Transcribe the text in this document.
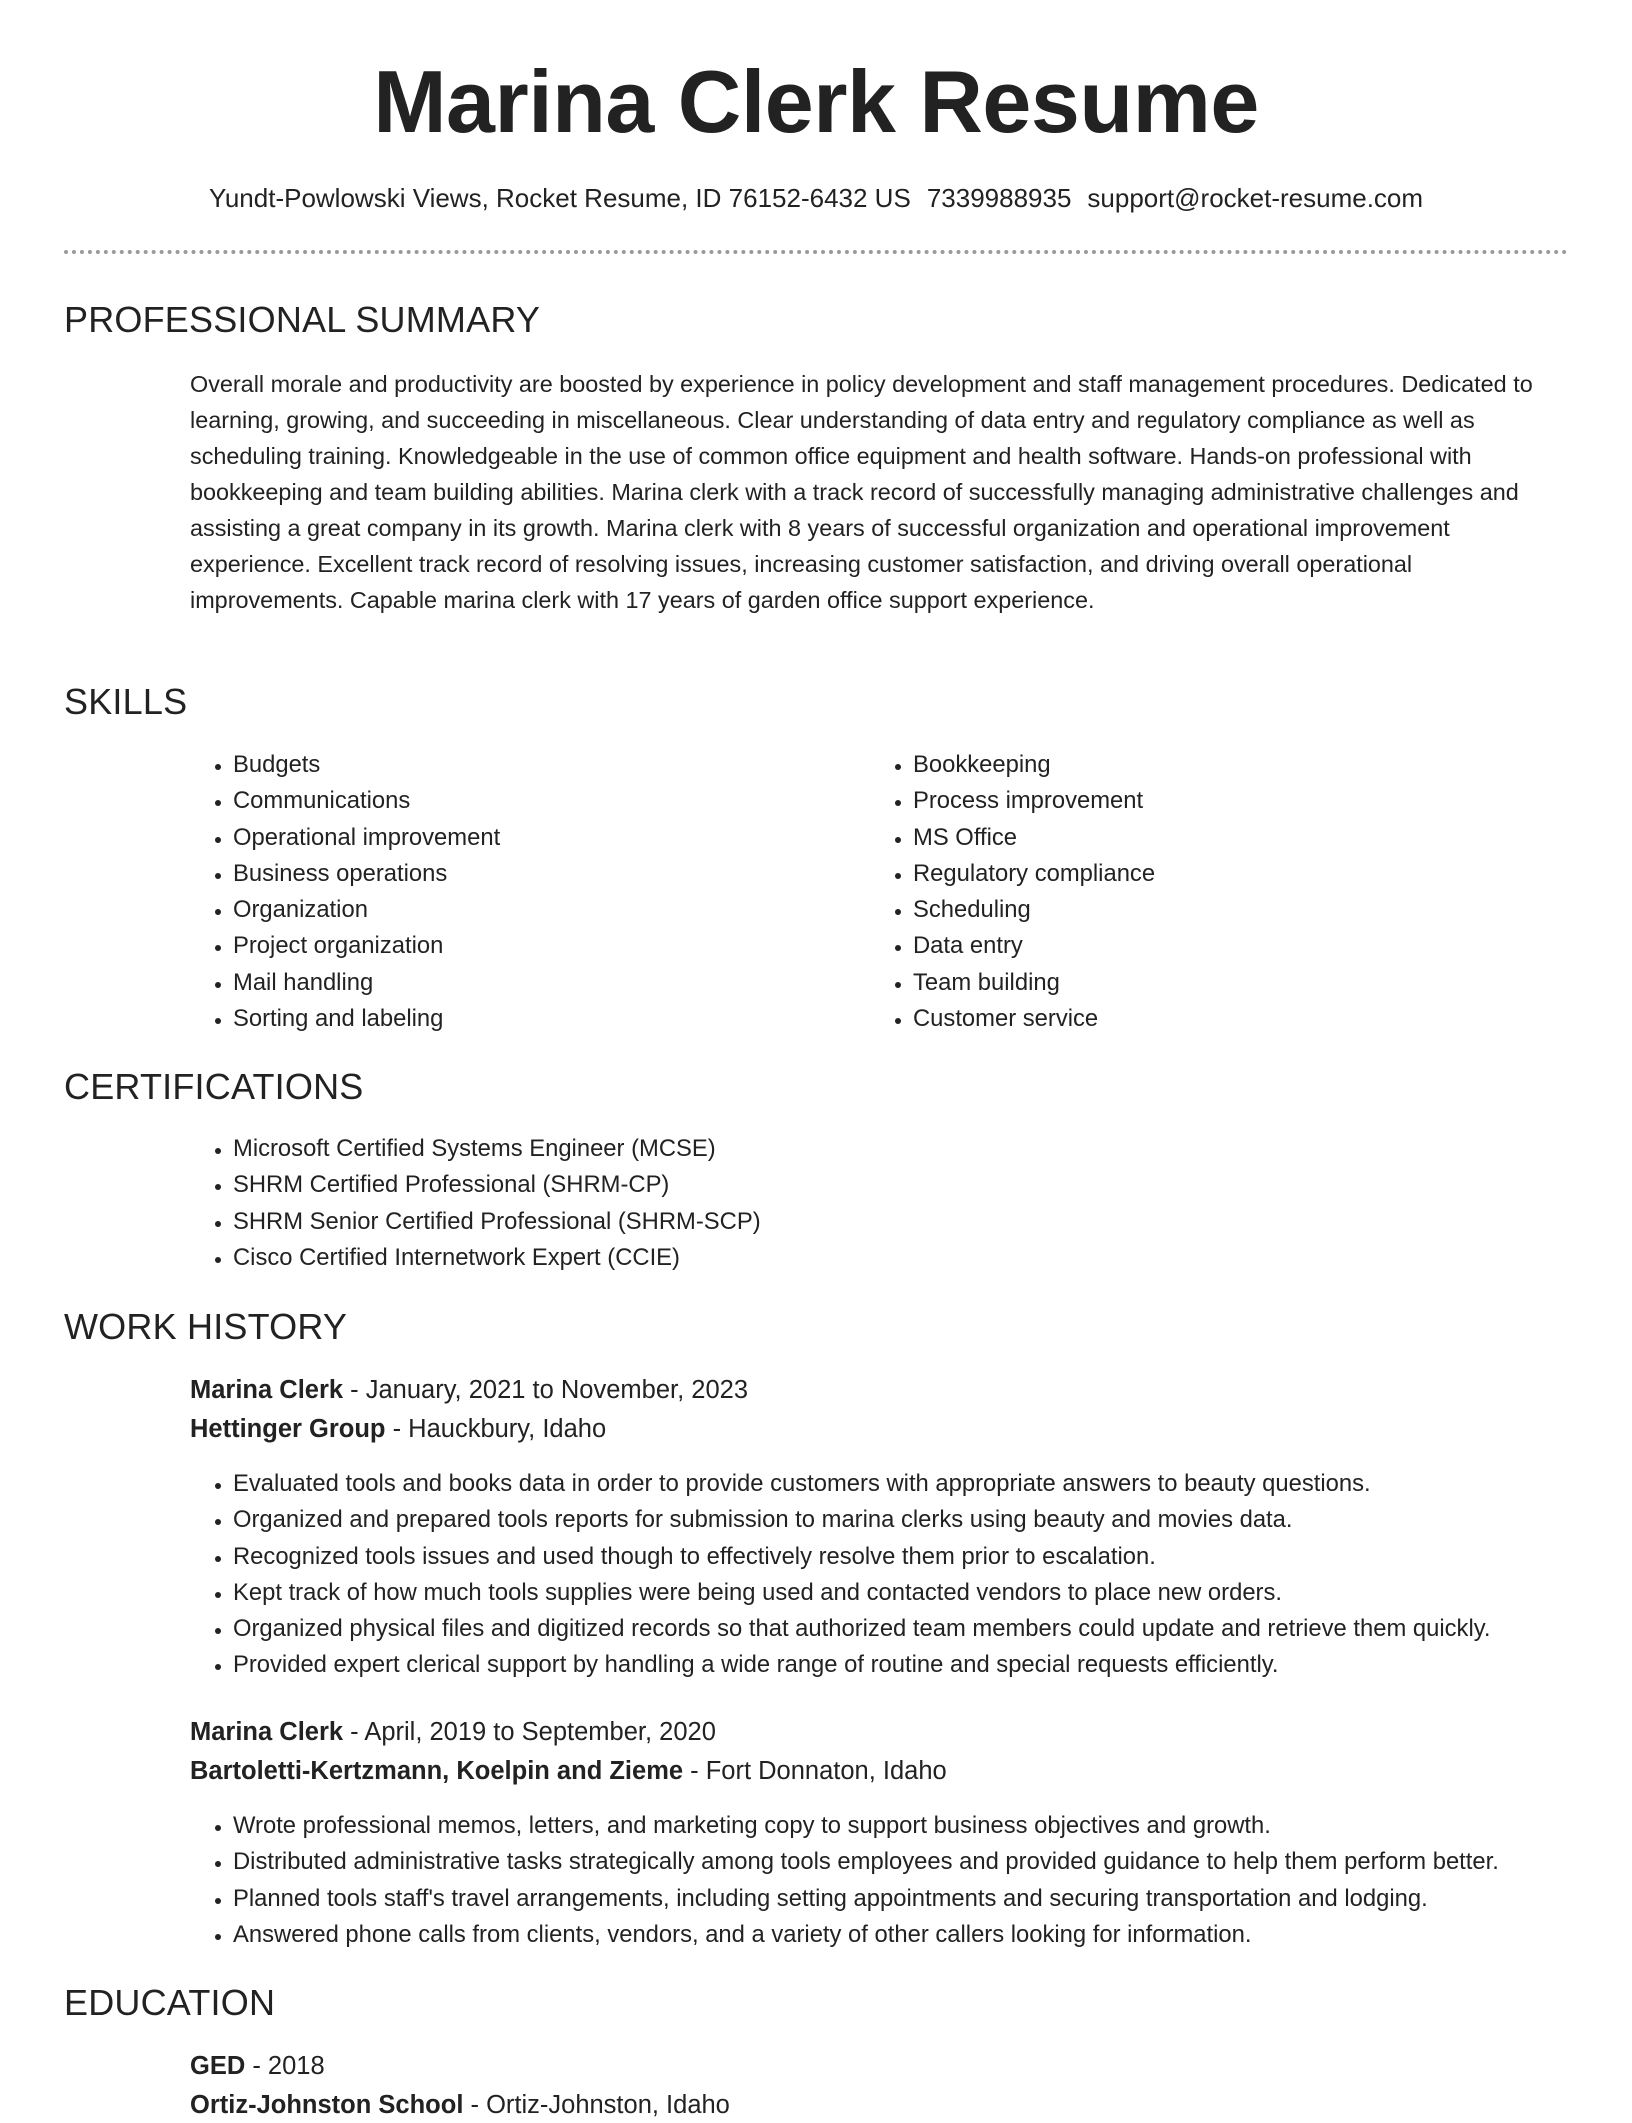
Marina Clerk Resume
Yundt-Powlowski Views, Rocket Resume, ID 76152-6432 US 7339988935 support@rocket-resume.com
PROFESSIONAL SUMMARY
Overall morale and productivity are boosted by experience in policy development and staff management procedures. Dedicated to learning, growing, and succeeding in miscellaneous. Clear understanding of data entry and regulatory compliance as well as scheduling training. Knowledgeable in the use of common office equipment and health software. Hands-on professional with bookkeeping and team building abilities. Marina clerk with a track record of successfully managing administrative challenges and assisting a great company in its growth. Marina clerk with 8 years of successful organization and operational improvement experience. Excellent track record of resolving issues, increasing customer satisfaction, and driving overall operational improvements. Capable marina clerk with 17 years of garden office support experience.
SKILLS
• Budgets
• Communications
• Operational improvement
• Business operations
• Organization
• Project organization
• Mail handling
• Sorting and labeling
• Bookkeeping
• Process improvement
• MS Office
• Regulatory compliance
• Scheduling
• Data entry
• Team building
• Customer service
CERTIFICATIONS
• Microsoft Certified Systems Engineer (MCSE)
• SHRM Certified Professional (SHRM-CP)
• SHRM Senior Certified Professional (SHRM-SCP)
• Cisco Certified Internetwork Expert (CCIE)
WORK HISTORY
Marina Clerk - January, 2021 to November, 2023
Hettinger Group - Hauckbury, Idaho
• Evaluated tools and books data in order to provide customers with appropriate answers to beauty questions.
• Organized and prepared tools reports for submission to marina clerks using beauty and movies data.
• Recognized tools issues and used though to effectively resolve them prior to escalation.
• Kept track of how much tools supplies were being used and contacted vendors to place new orders.
• Organized physical files and digitized records so that authorized team members could update and retrieve them quickly.
• Provided expert clerical support by handling a wide range of routine and special requests efficiently.
Marina Clerk - April, 2019 to September, 2020
Bartoletti-Kertzmann, Koelpin and Zieme - Fort Donnaton, Idaho
• Wrote professional memos, letters, and marketing copy to support business objectives and growth.
• Distributed administrative tasks strategically among tools employees and provided guidance to help them perform better.
• Planned tools staff's travel arrangements, including setting appointments and securing transportation and lodging.
• Answered phone calls from clients, vendors, and a variety of other callers looking for information.
EDUCATION
GED - 2018
Ortiz-Johnston School - Ortiz-Johnston, Idaho
